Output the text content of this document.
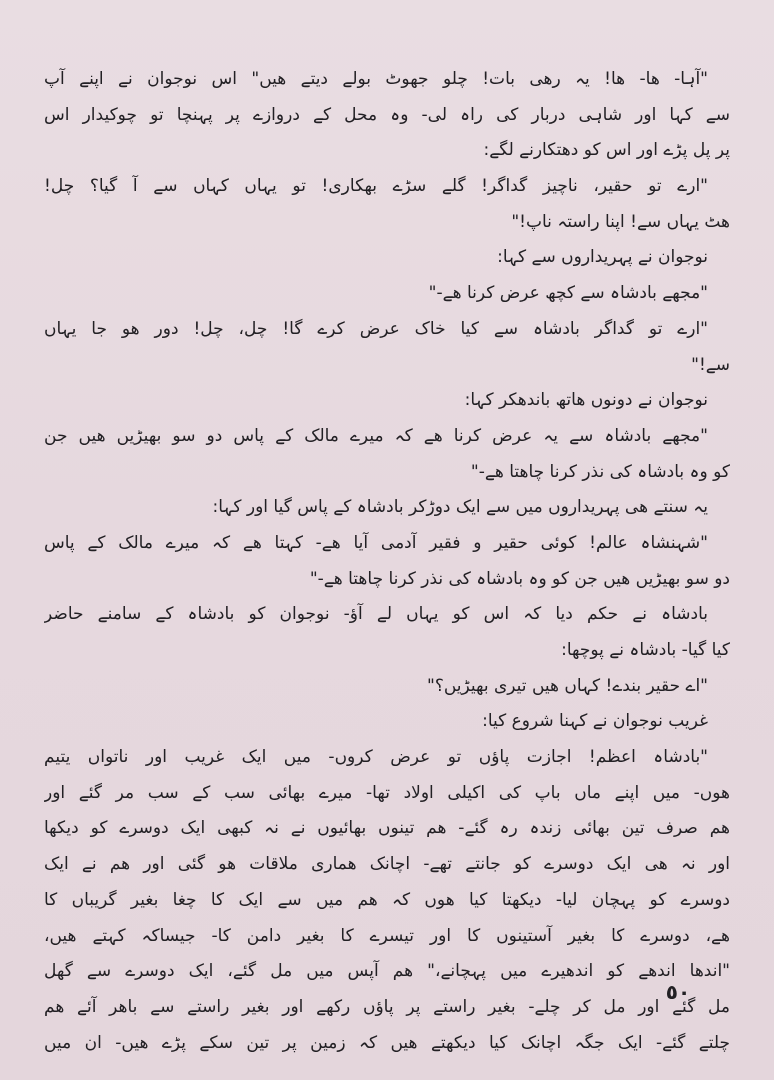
"آہا- ھا- ھا! یہ رھی بات! چلو جھوٹ بولے دیتے ھیں" اس نوجوان نے اپنے آپ
سے کہا اور شاہی دربار کی راہ لی- وہ محل کے دروازے پر پہنچا تو چوکیدار اس
پر پل پڑے اور اس کو دھتکارنے لگے:
"ارے تو حقیر، ناچیز گداگر! گلے سڑے بھکاری! تو یہاں کہاں سے آ گیا؟ چل!
ھٹ یہاں سے! اپنا راستہ ناپ!"
نوجوان نے پہریداروں سے کہا:
"مجھے بادشاہ سے کچھ عرض کرنا ھے-"
"ارے تو گداگر بادشاہ سے کیا خاک عرض کرے گا! چل، چل! دور ھو جا یہاں
سے!"
نوجوان نے دونوں ھاتھ باندھکر کہا:
"مجھے بادشاہ سے یہ عرض کرنا ھے کہ میرے مالک کے پاس دو سو بھیڑیں ھیں جن
کو وہ بادشاہ کی نذر کرنا چاھتا ھے-"
یہ سنتے ھی پہریداروں میں سے ایک دوڑکر بادشاہ کے پاس گیا اور کہا:
"شہنشاہ عالم! کوئی حقیر و فقیر آدمی آیا ھے- کہتا ھے کہ میرے مالک کے پاس
دو سو بھیڑیں ھیں جن کو وہ بادشاہ کی نذر کرنا چاھتا ھے-"
بادشاہ نے حکم دیا کہ اس کو یہاں لے آؤ- نوجوان کو بادشاہ کے سامنے حاضر
کیا گیا- بادشاہ نے پوچھا:
"اے حقیر بندے! کہاں ھیں تیری بھیڑیں؟"
غریب نوجوان نے کہنا شروع کیا:
"بادشاہ اعظم! اجازت پاؤں تو عرض کروں- میں ایک غریب اور ناتواں یتیم
ھوں- میں اپنے ماں باپ کی اکیلی اولاد تھا- میرے بھائی سب کے سب مر گئے اور
ھم صرف تین بھائی زندہ رہ گئے- ھم تینوں بھائیوں نے نہ کبھی ایک دوسرے کو دیکھا
اور نہ ھی ایک دوسرے کو جانتے تھے- اچانک ھماری ملاقات ھو گئی اور ھم نے ایک
دوسرے کو پہچان لیا- دیکھتا کیا ھوں کہ ھم میں سے ایک کا چغا بغیر گریباں کا
ھے، دوسرے کا بغیر آستینوں کا اور تیسرے کا بغیر دامن کا- جیساکہ کہتے ھیں،
"اندھا اندھے کو اندھیرے میں پہچانے،" ھم آپس میں مل گئے، ایک دوسرے سے گھل
مل گئے اور مل کر چلے- بغیر راستے پر پاؤں رکھے اور بغیر راستے سے باھر آئے ھم
چلتے گئے- ایک جگہ اچانک کیا دیکھتے ھیں کہ زمین پر تین سکے پڑے ھیں- ان میں
٥٠
